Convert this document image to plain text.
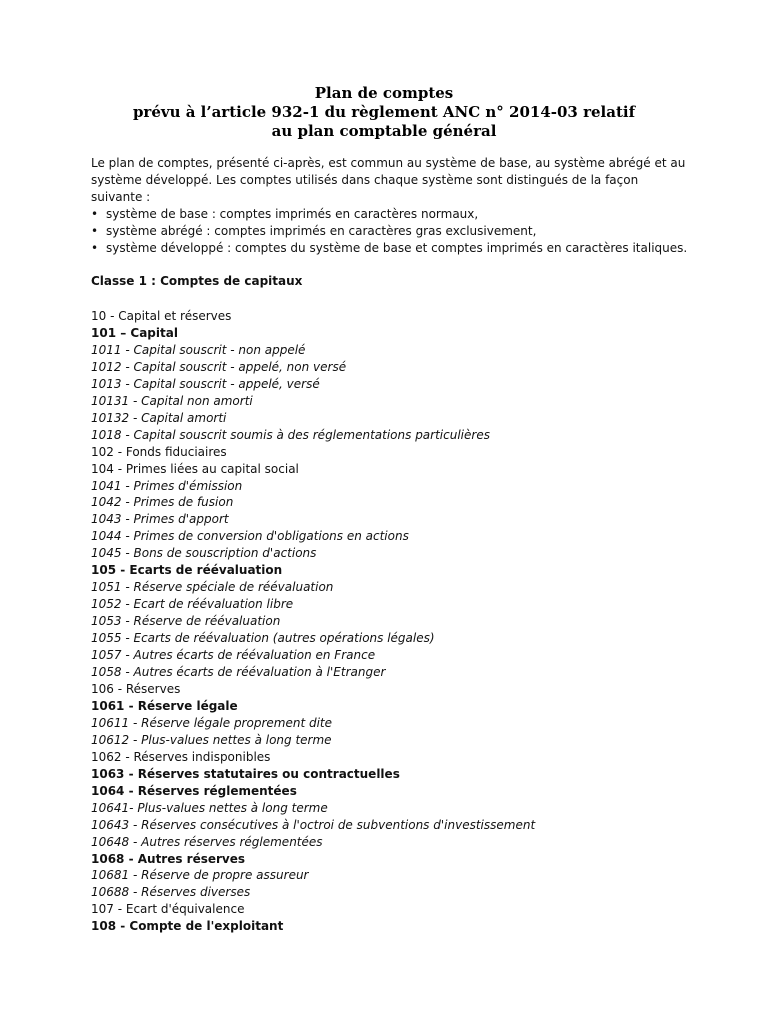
Plan de comptes
prévu à l’article 932-1 du règlement ANC n° 2014-03 relatif
au plan comptable général

Le plan de comptes, présenté ci-après, est commun au système de base, au système abrégé et au système développé. Les comptes utilisés dans chaque système sont distingués de la façon suivante :

• système de base : comptes imprimés en caractères normaux,
• système abrégé : comptes imprimés en caractères gras exclusivement,
• système développé : comptes du système de base et comptes imprimés en caractères italiques.
Classe 1 : Comptes de capitaux
10 - Capital et réserves
101 – Capital
1011 - Capital souscrit - non appelé
1012 - Capital souscrit - appelé, non versé
1013 - Capital souscrit - appelé, versé
10131 - Capital non amorti
10132 - Capital amorti
1018 - Capital souscrit soumis à des réglementations particulières
102 - Fonds fiduciaires
104 - Primes liées au capital social
1041 - Primes d'émission
1042 - Primes de fusion
1043 - Primes d'apport
1044 - Primes de conversion d'obligations en actions
1045 - Bons de souscription d'actions
105 - Ecarts de réévaluation
1051 - Réserve spéciale de réévaluation
1052 - Ecart de réévaluation libre
1053 - Réserve de réévaluation
1055 - Ecarts de réévaluation (autres opérations légales)
1057 - Autres écarts de réévaluation en France
1058 - Autres écarts de réévaluation à l'Etranger
106 - Réserves
1061 - Réserve légale
10611 - Réserve légale proprement dite
10612 - Plus-values nettes à long terme
1062 - Réserves indisponibles
1063 - Réserves statutaires ou contractuelles
1064 - Réserves réglementées
10641- Plus-values nettes à long terme
10643 - Réserves consécutives à l'octroi de subventions d'investissement
10648 - Autres réserves réglementées
1068 - Autres réserves
10681 - Réserve de propre assureur
10688 - Réserves diverses
107 - Ecart d'équivalence
108 - Compte de l'exploitant
